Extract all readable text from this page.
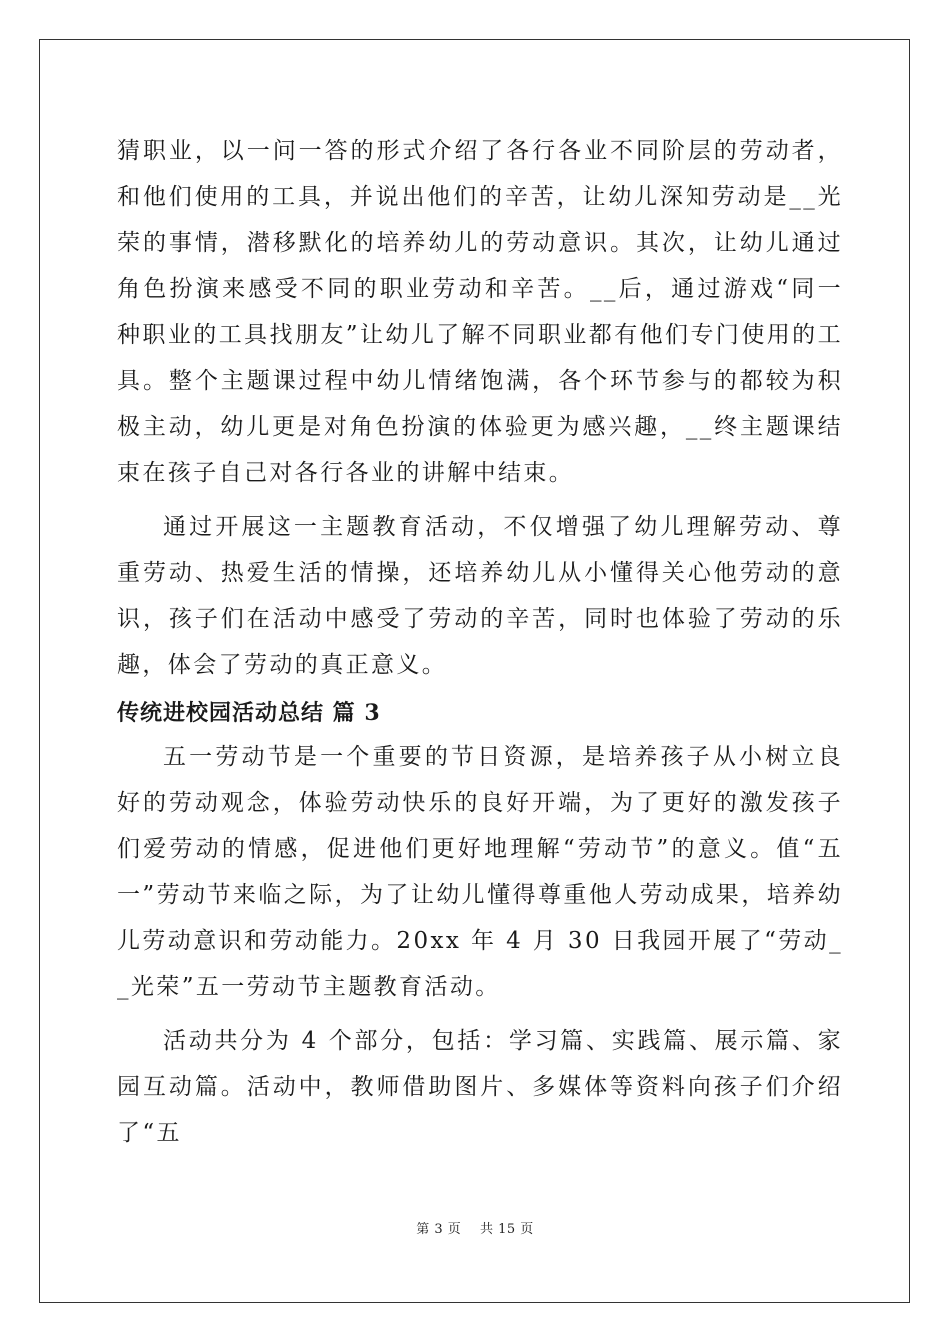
猜职业，以一问一答的形式介绍了各行各业不同阶层的劳动者，和他们使用的工具，并说出他们的辛苦，让幼儿深知劳动是__光荣的事情，潜移默化的培养幼儿的劳动意识。其次，让幼儿通过角色扮演来感受不同的职业劳动和辛苦。__后，通过游戏“同一种职业的工具找朋友”让幼儿了解不同职业都有他们专门使用的工具。整个主题课过程中幼儿情绪饱满，各个环节参与的都较为积极主动，幼儿更是对角色扮演的体验更为感兴趣，__终主题课结束在孩子自己对各行各业的讲解中结束。

通过开展这一主题教育活动，不仅增强了幼儿理解劳动、尊重劳动、热爱生活的情操，还培养幼儿从小懂得关心他劳动的意识，孩子们在活动中感受了劳动的辛苦，同时也体验了劳动的乐趣，体会了劳动的真正意义。

传统进校园活动总结 篇 3

五一劳动节是一个重要的节日资源，是培养孩子从小树立良好的劳动观念，体验劳动快乐的良好开端，为了更好的激发孩子们爱劳动的情感，促进他们更好地理解“劳动节”的意义。值“五一”劳动节来临之际，为了让幼儿懂得尊重他人劳动成果，培养幼儿劳动意识和劳动能力。20xx 年 4 月 30 日我园开展了“劳动__光荣”五一劳动节主题教育活动。

活动共分为 4 个部分，包括：学习篇、实践篇、展示篇、家园互动篇。活动中，教师借助图片、多媒体等资料向孩子们介绍了“五

第 3 页 共 15 页
